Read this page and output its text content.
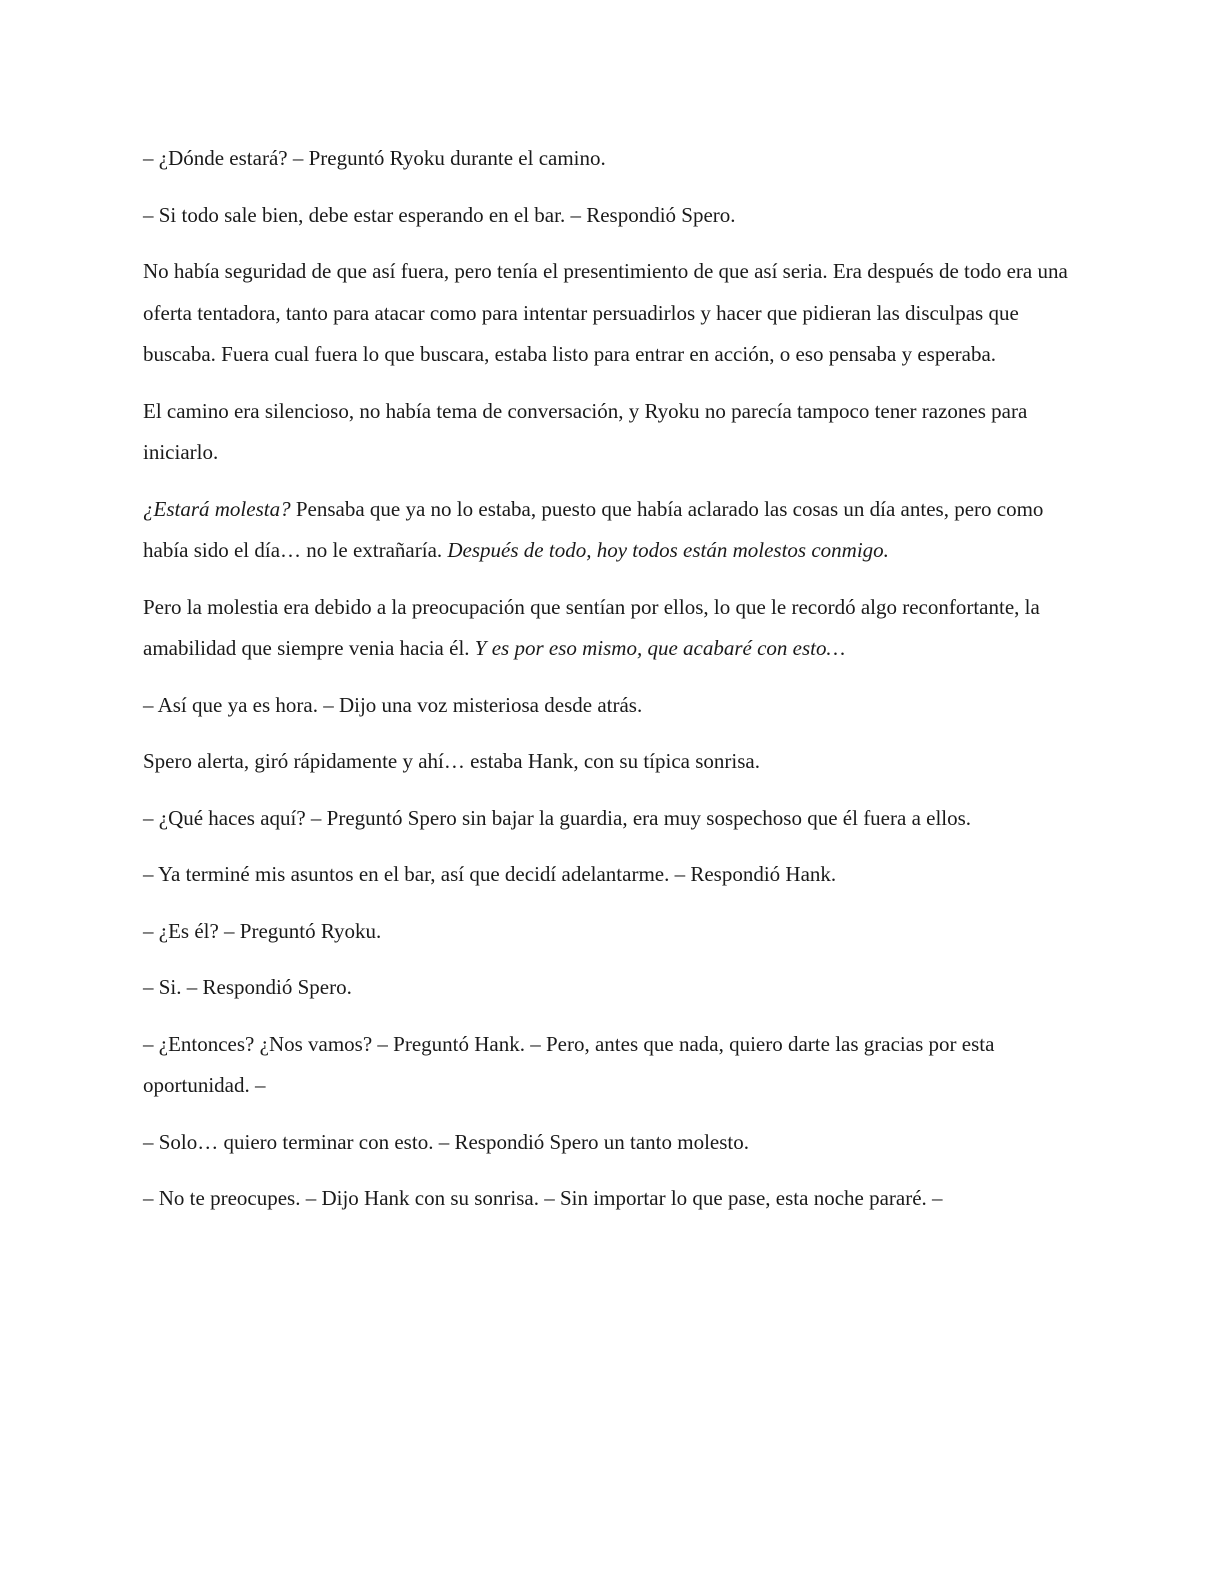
– ¿Dónde estará? – Preguntó Ryoku durante el camino.

– Si todo sale bien, debe estar esperando en el bar. – Respondió Spero.

No había seguridad de que así fuera, pero tenía el presentimiento de que así seria. Era después de todo era una oferta tentadora, tanto para atacar como para intentar persuadirlos y hacer que pidieran las disculpas que buscaba. Fuera cual fuera lo que buscara, estaba listo para entrar en acción, o eso pensaba y esperaba.

El camino era silencioso, no había tema de conversación, y Ryoku no parecía tampoco tener razones para iniciarlo.

¿Estará molesta? Pensaba que ya no lo estaba, puesto que había aclarado las cosas un día antes, pero como había sido el día… no le extrañaría. Después de todo, hoy todos están molestos conmigo.

Pero la molestia era debido a la preocupación que sentían por ellos, lo que le recordó algo reconfortante, la amabilidad que siempre venia hacia él. Y es por eso mismo, que acabaré con esto…

– Así que ya es hora. – Dijo una voz misteriosa desde atrás.

Spero alerta, giró rápidamente y ahí… estaba Hank, con su típica sonrisa.

– ¿Qué haces aquí? – Preguntó Spero sin bajar la guardia, era muy sospechoso que él fuera a ellos.

– Ya terminé mis asuntos en el bar, así que decidí adelantarme. – Respondió Hank.

– ¿Es él? – Preguntó Ryoku.

– Si. – Respondió Spero.

– ¿Entonces? ¿Nos vamos? – Preguntó Hank. – Pero, antes que nada, quiero darte las gracias por esta oportunidad. –

– Solo… quiero terminar con esto. – Respondió Spero un tanto molesto.

– No te preocupes. – Dijo Hank con su sonrisa. – Sin importar lo que pase, esta noche pararé. –
